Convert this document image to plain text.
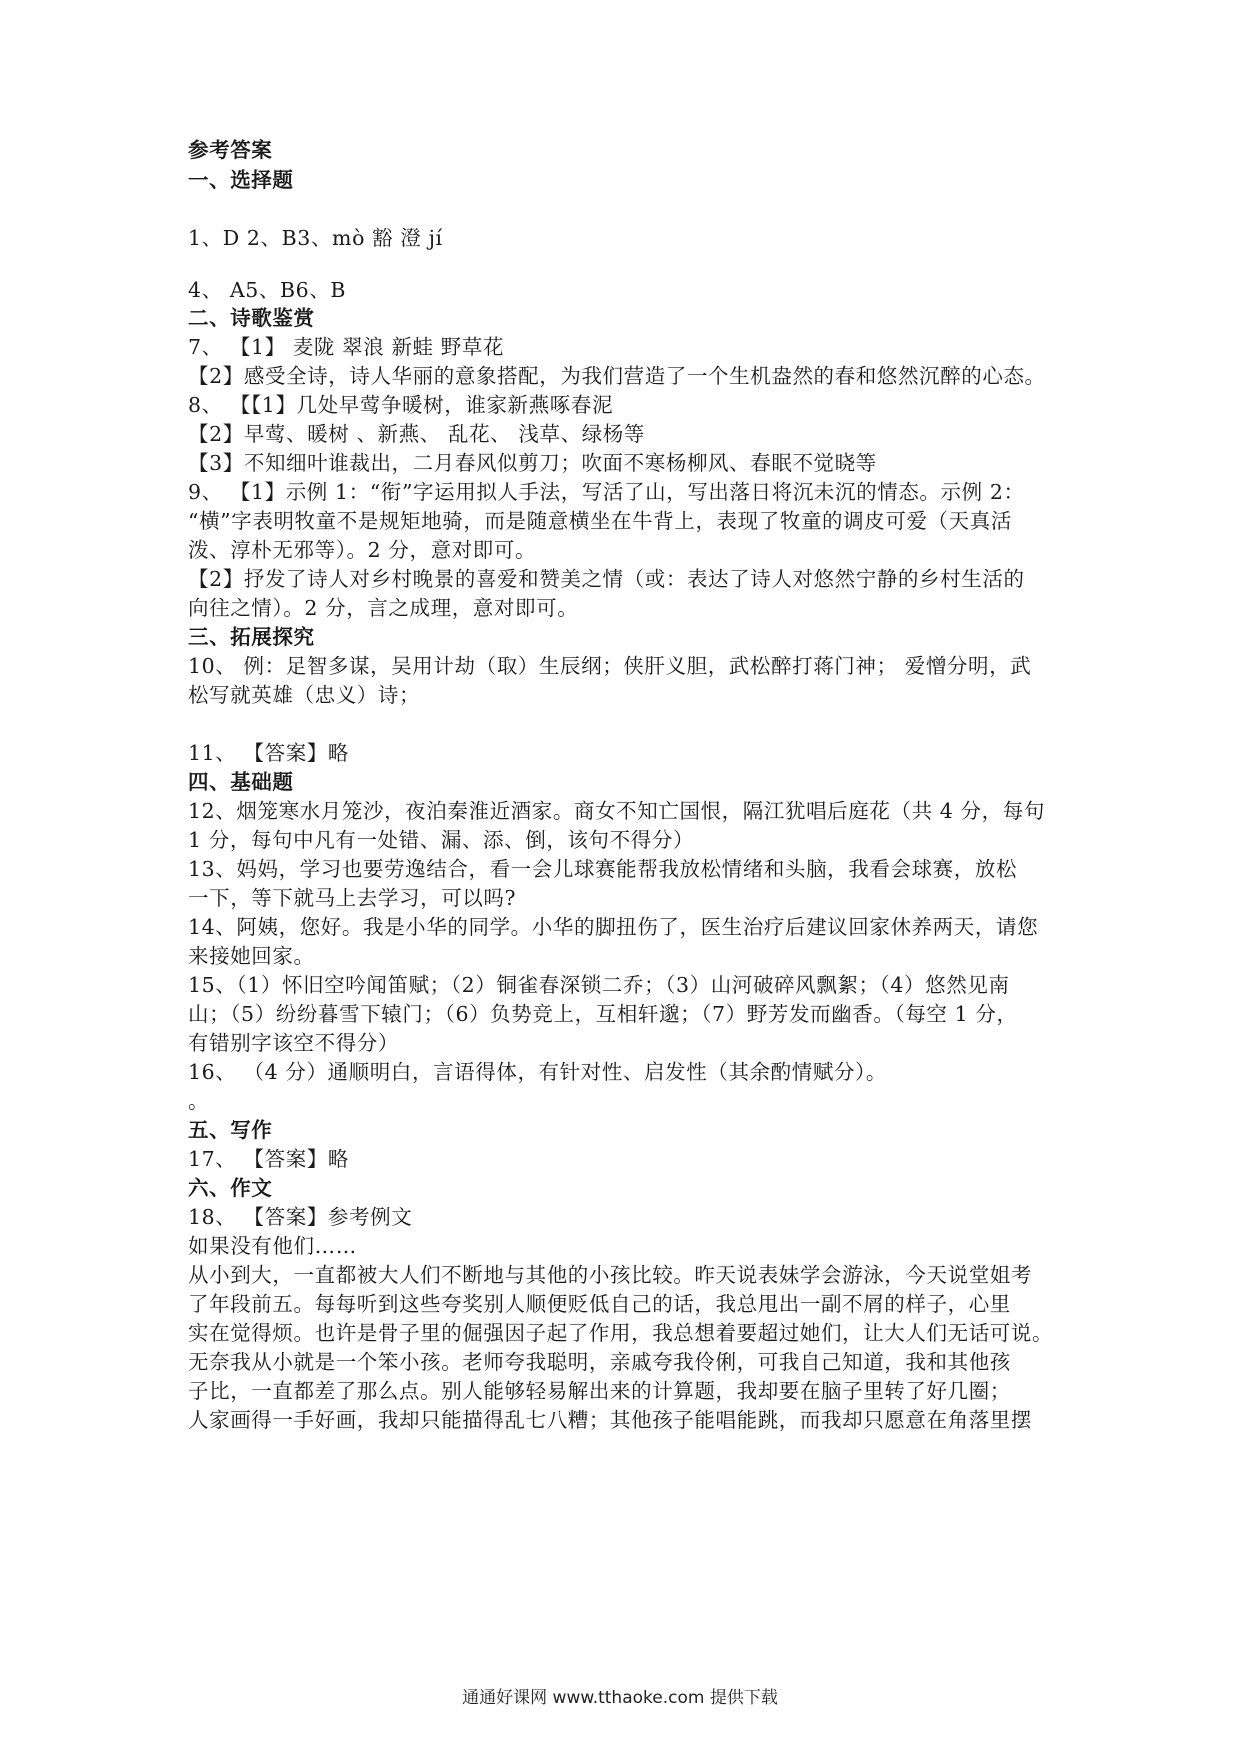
参考答案
一、选择题
1、D 2、B3、mò 豁 澄 jí
4、 A5、B6、B
二、诗歌鉴赏
7、 【1】 麦陇 翠浪 新蛙 野草花
【2】感受全诗，诗人华丽的意象搭配，为我们营造了一个生机盎然的春和悠然沉醉的心态。
8、 【【1】几处早莺争暖树，谁家新燕啄春泥
【2】早莺、暖树 、新燕、 乱花、 浅草、绿杨等
【3】不知细叶谁裁出，二月春风似剪刀；吹面不寒杨柳风、春眠不觉晓等
9、 【1】示例 1：“衔”字运用拟人手法，写活了山，写出落日将沉未沉的情态。示例 2：
“横”字表明牧童不是规矩地骑，而是随意横坐在牛背上，表现了牧童的调皮可爱（天真活
泼、淳朴无邪等）。2 分，意对即可。
【2】抒发了诗人对乡村晚景的喜爱和赞美之情（或：表达了诗人对悠然宁静的乡村生活的
向往之情）。2 分，言之成理，意对即可。
三、拓展探究
10、 例：足智多谋，吴用计劫（取）生辰纲；侠肝义胆，武松醉打蒋门神； 爱憎分明，武
松写就英雄（忠义）诗；
11、 【答案】略
四、基础题
12、烟笼寒水月笼沙，夜泊秦淮近酒家。商女不知亡国恨，隔江犹唱后庭花（共 4 分，每句
1 分，每句中凡有一处错、漏、添、倒，该句不得分）
13、妈妈，学习也要劳逸结合，看一会儿球赛能帮我放松情绪和头脑，我看会球赛，放松
一下，等下就马上去学习，可以吗?
14、阿姨，您好。我是小华的同学。小华的脚扭伤了，医生治疗后建议回家休养两天，请您
来接她回家。
15、（1）怀旧空吟闻笛赋；（2）铜雀春深锁二乔；（3）山河破碎风飘絮；（4）悠然见南
山；（5）纷纷暮雪下辕门；（6）负势竞上，互相轩邈；（7）野芳发而幽香。（每空 1 分，
有错别字该空不得分）
16、 （4 分）通顺明白，言语得体，有针对性、启发性（其余酌情赋分）。
。
五、写作
17、 【答案】略
六、作文
18、 【答案】参考例文
如果没有他们……
从小到大，一直都被大人们不断地与其他的小孩比较。昨天说表妹学会游泳，今天说堂姐考
了年段前五。每每听到这些夸奖别人顺便贬低自己的话，我总甩出一副不屑的样子，心里
实在觉得烦。也许是骨子里的倔强因子起了作用，我总想着要超过她们，让大人们无话可说。
无奈我从小就是一个笨小孩。老师夸我聪明，亲戚夸我伶俐，可我自己知道，我和其他孩
子比，一直都差了那么点。别人能够轻易解出来的计算题，我却要在脑子里转了好几圈；
人家画得一手好画，我却只能描得乱七八糟；其他孩子能唱能跳，而我却只愿意在角落里摆
通通好课网 www.tthaoke.com 提供下载
